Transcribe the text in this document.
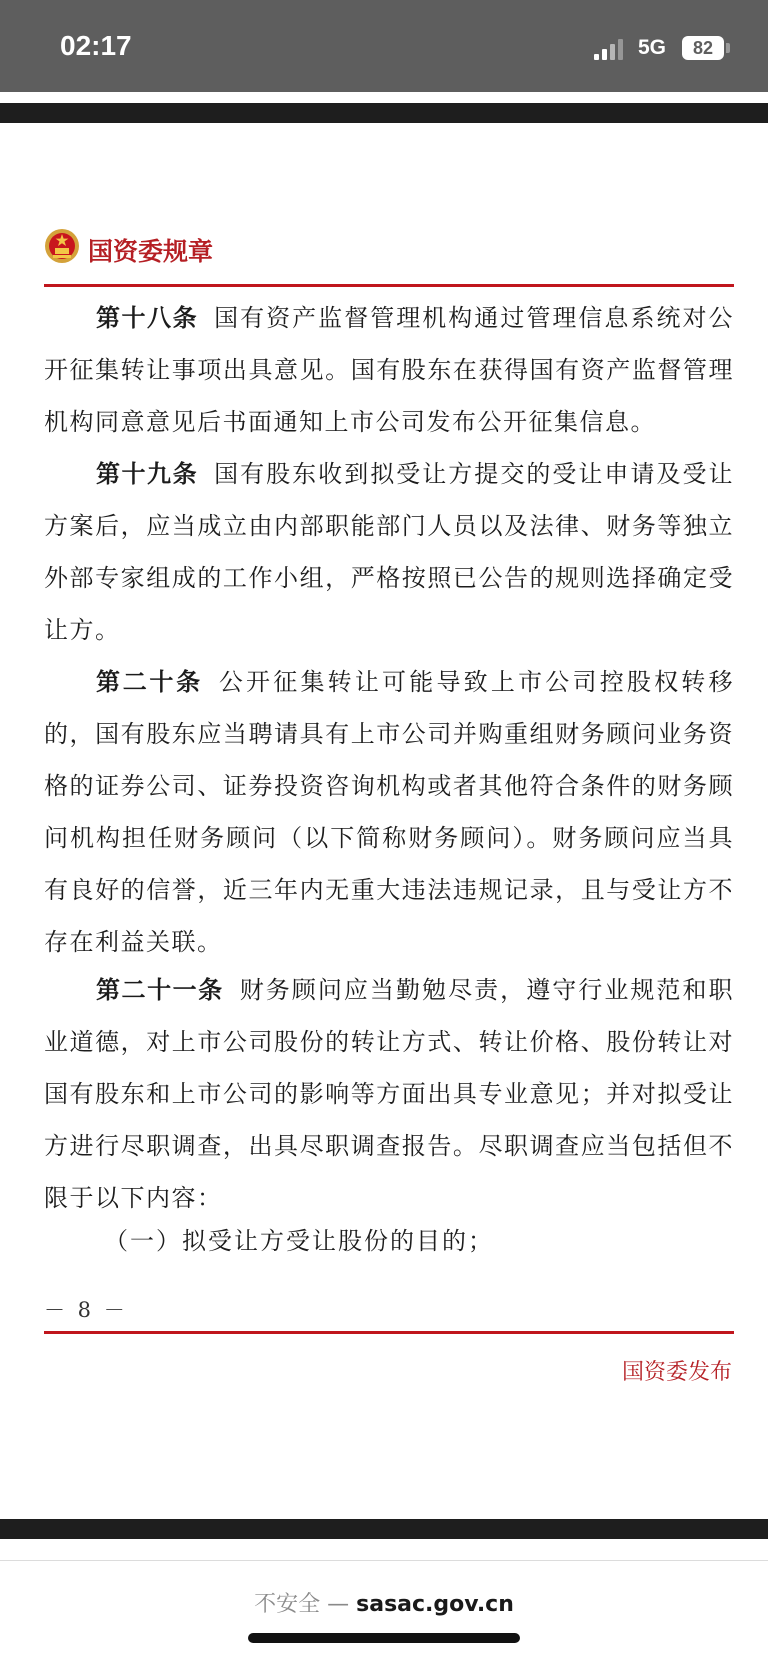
02:17	5G	82
国资委规章
第十八条 国有资产监督管理机构通过管理信息系统对公开征集转让事项出具意见。国有股东在获得国有资产监督管理机构同意意见后书面通知上市公司发布公开征集信息。
第十九条 国有股东收到拟受让方提交的受让申请及受让方案后，应当成立由内部职能部门人员以及法律、财务等独立外部专家组成的工作小组，严格按照已公告的规则选择确定受让方。
第二十条 公开征集转让可能导致上市公司控股权转移的，国有股东应当聘请具有上市公司并购重组财务顾问业务资格的证券公司、证券投资咨询机构或者其他符合条件的财务顾问机构担任财务顾问（以下简称财务顾问）。财务顾问应当具有良好的信誉，近三年内无重大违法违规记录，且与受让方不存在利益关联。
第二十一条 财务顾问应当勤勉尽责，遵守行业规范和职业道德，对上市公司股份的转让方式、转让价格、股份转让对国有股东和上市公司的影响等方面出具专业意见；并对拟受让方进行尽职调查，出具尽职调查报告。尽职调查应当包括但不限于以下内容：
（一）拟受让方受让股份的目的；
－ 8 －
国资委发布
不安全 — sasac.gov.cn
